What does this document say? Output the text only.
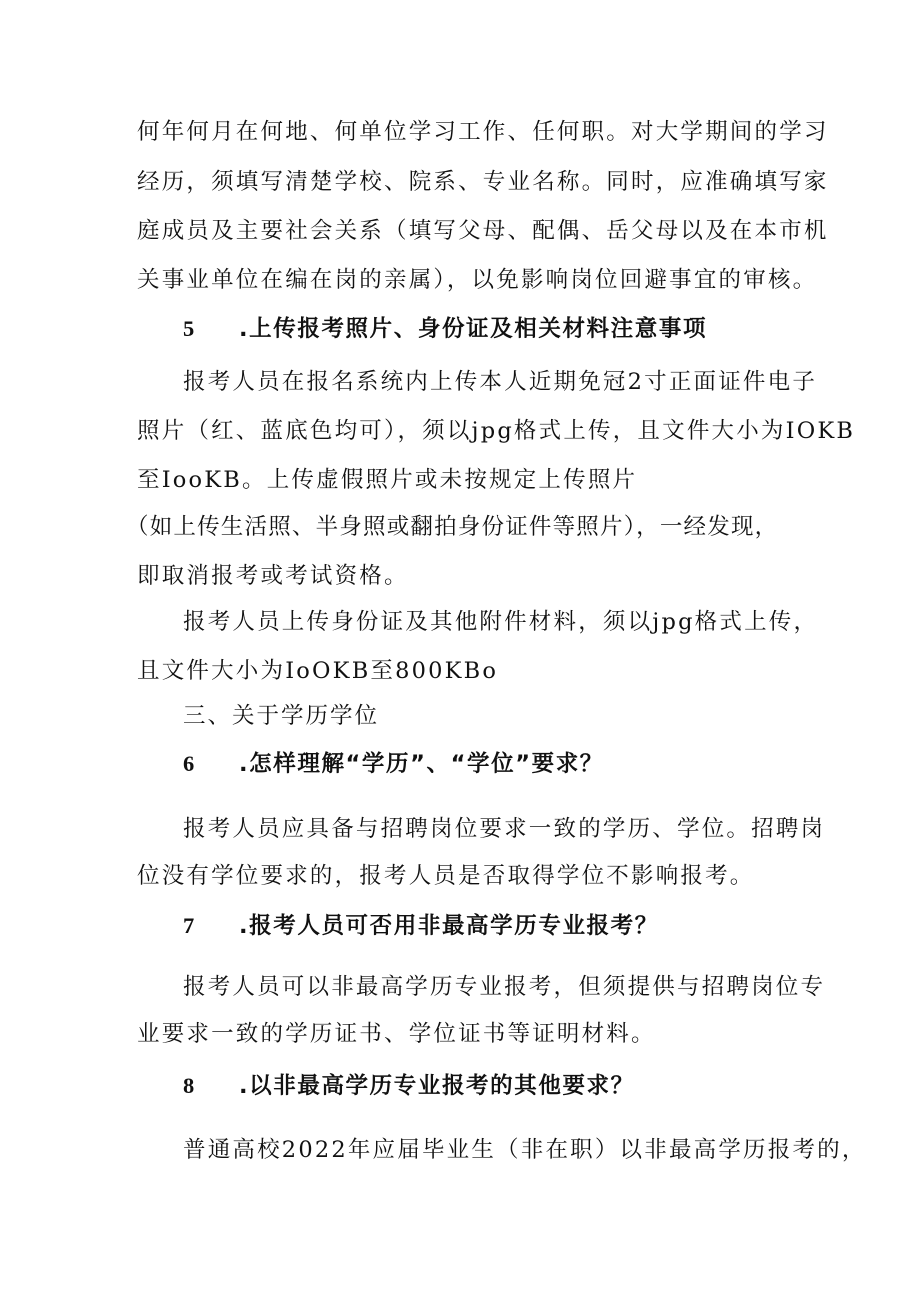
何年何月在何地、何单位学习工作、任何职。对大学期间的学习
经历，须填写清楚学校、院系、专业名称。同时，应准确填写家
庭成员及主要社会关系（填写父母、配偶、岳父母以及在本市机
关事业单位在编在岗的亲属），以免影响岗位回避事宜的审核。
5 .上传报考照片、身份证及相关材料注意事项
报考人员在报名系统内上传本人近期免冠2寸正面证件电子
照片（红、蓝底色均可），须以jpg格式上传，且文件大小为IOKB
至IooKB。上传虚假照片或未按规定上传照片
（如上传生活照、半身照或翻拍身份证件等照片），一经发现，
即取消报考或考试资格。
报考人员上传身份证及其他附件材料，须以jpg格式上传，
且文件大小为IoOKB至800KBo
三、关于学历学位
6 .怎样理解“学历”、“学位”要求？
报考人员应具备与招聘岗位要求一致的学历、学位。招聘岗
位没有学位要求的，报考人员是否取得学位不影响报考。
7 .报考人员可否用非最高学历专业报考？
报考人员可以非最高学历专业报考，但须提供与招聘岗位专
业要求一致的学历证书、学位证书等证明材料。
8 .以非最高学历专业报考的其他要求？
普通高校2022年应届毕业生（非在职）以非最高学历报考的，
